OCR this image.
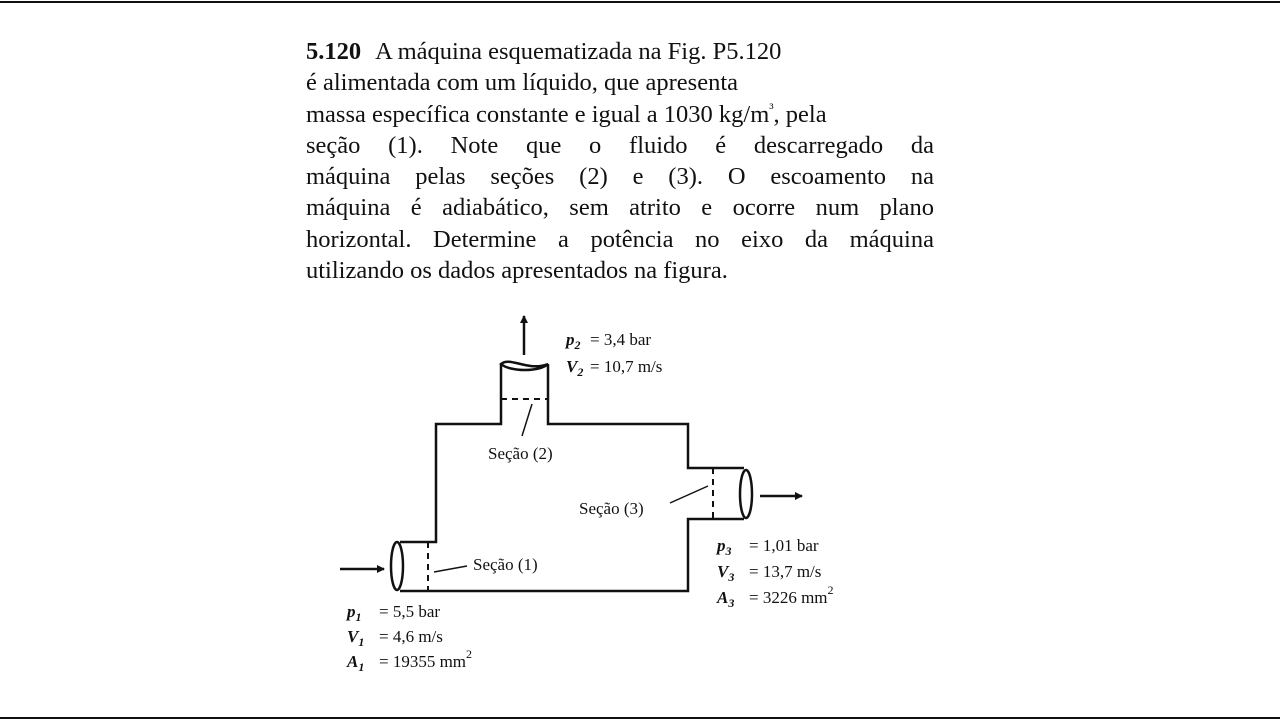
5.120 A máquina esquematizada na Fig. P5.120
é alimentada com um líquido, que apresenta
massa específica constante e igual a 1030 $kg/m^{^3}$, pela
seção (1). Note que o fluido é descarregado da
máquina pelas seções (2) e (3). O escoamento na
máquina é adiabático, sem atrito e ocorre num plano
horizontal. Determine a potência no eixo da máquina
utilizando os dados apresentados na figura.
Seção (2)
Seção (3)
Seção (1)
$p_2 = 3,4$ bar
$V_2 = 10,7$ m/s
$p_3 = 1,01$ bar
$V_3 = 13,7$ m/s
$A_3 = 3226$ $mm^2$
$p_1 = 5,5$ bar
$V_1 = 4,6$ m/s
$A_1 = 19355$ $mm^2$
